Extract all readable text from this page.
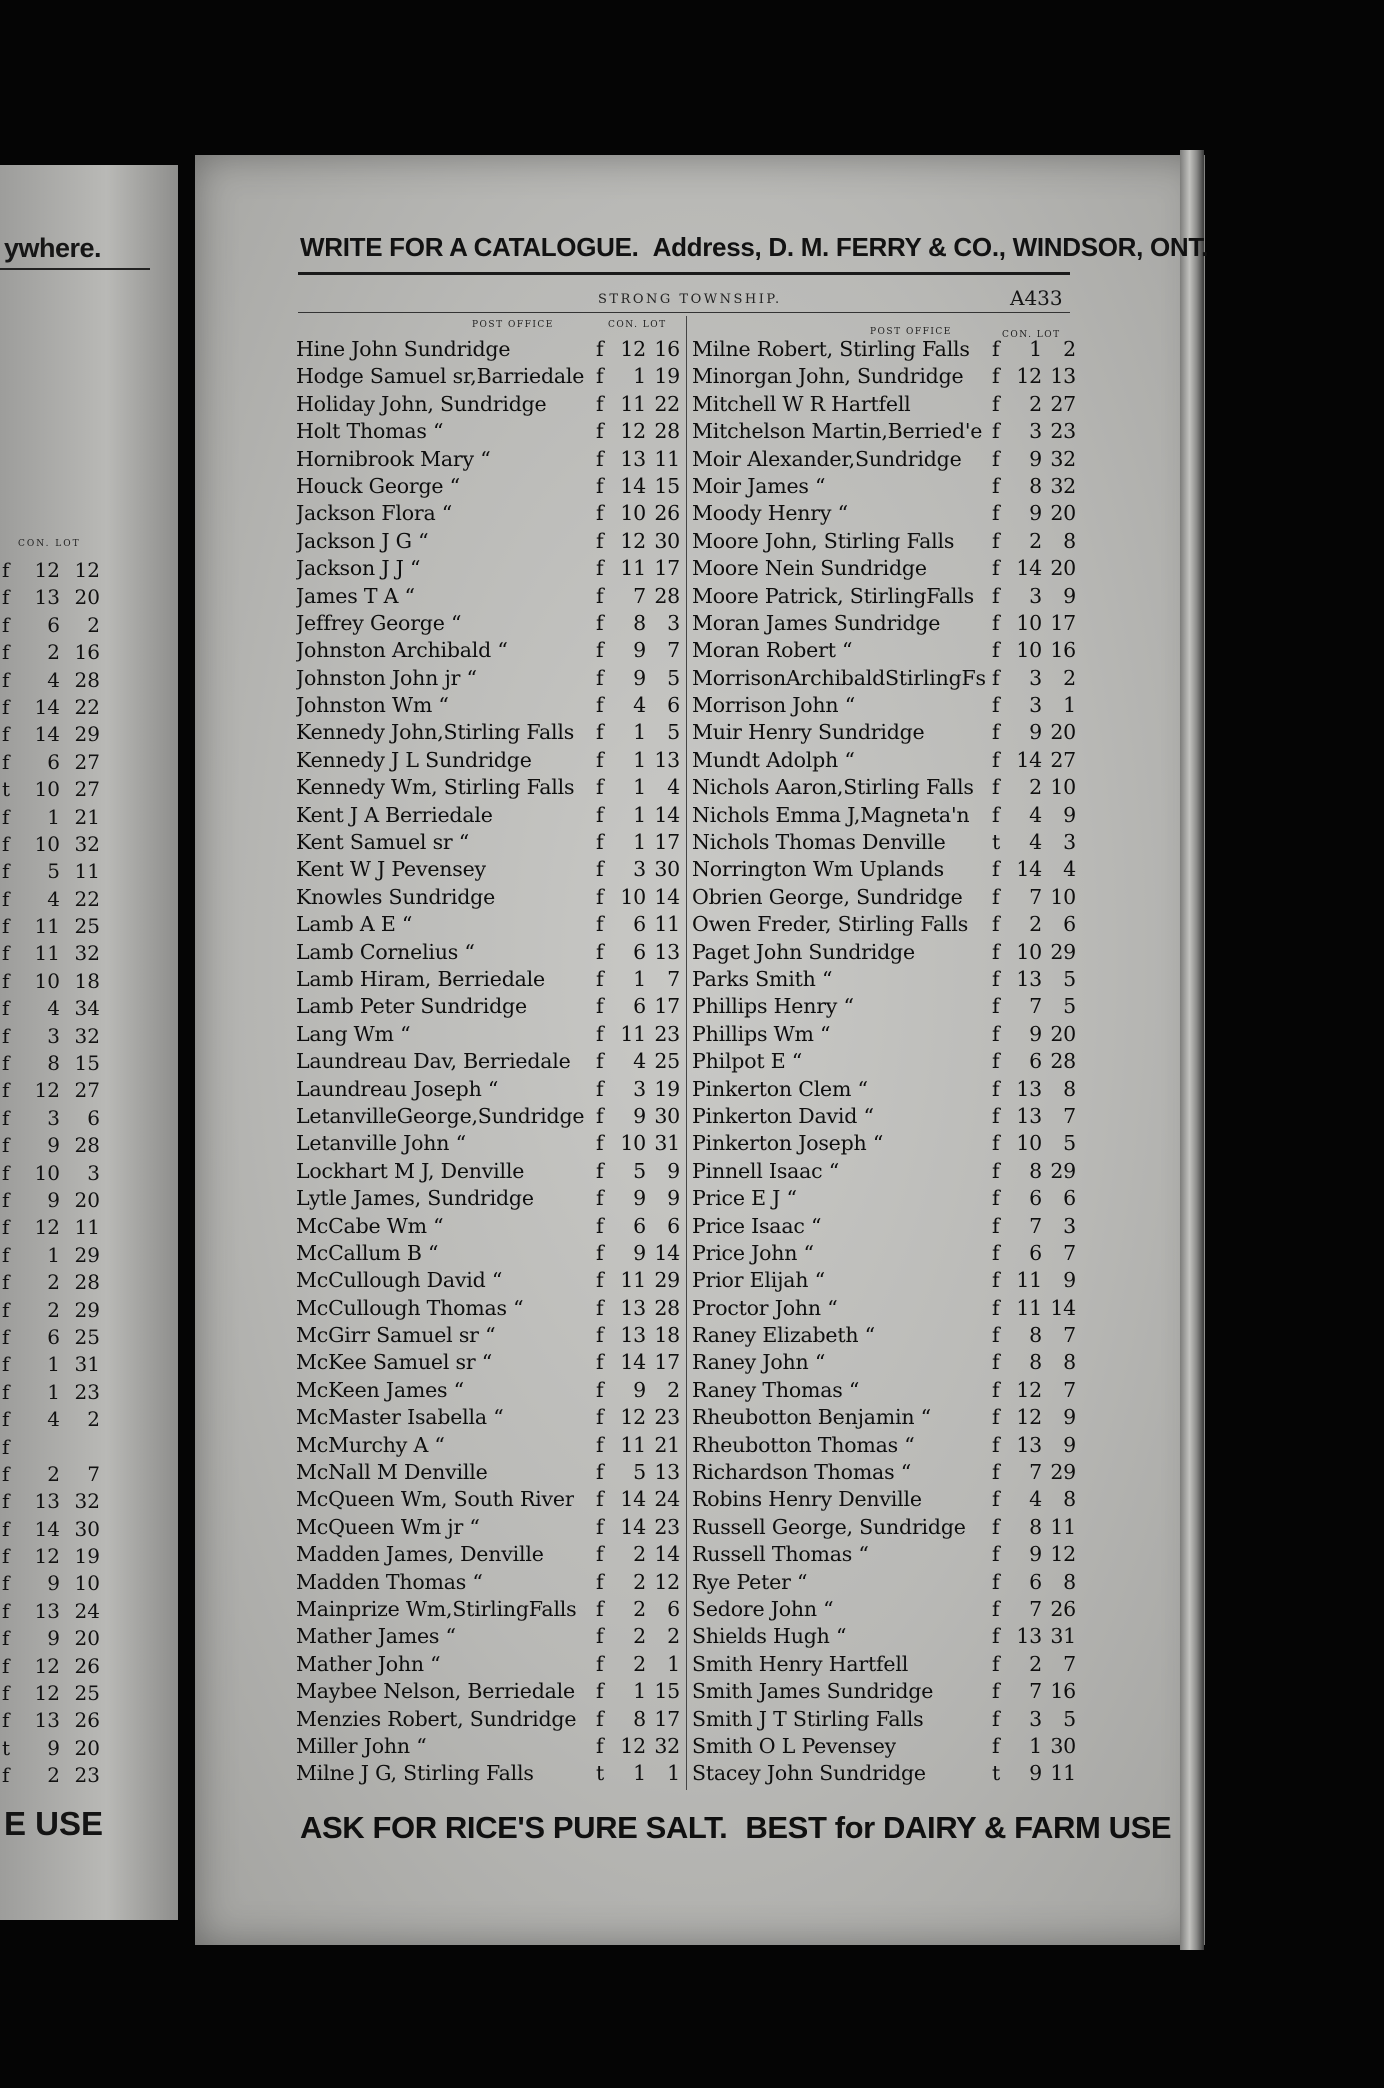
ywhere.
CON. LOT
f	12 12
f	13 20
f	6	2
f	2 16
f	4 28
f	14 22
f	14 29
f	6 27
t	10 27
f	1 21
f	10 32
f	5 11
f	4 22
f	11 25
f	11 32
f	10 18
f	4 34
f	3 32
f	8 15
f	12 27
f	3	6
f	9 28
f	10	3
f	9 20
f	12 11
f	1 29
f	2 28
f	2 29
f	6 25
f	1 31
f	1 23
f	4	2
f
f	2	7
f	13 32
f	14 30
f	12 19
f	9 10
f	13 24
f	9 20
f	12 26
f	12 25
f	13 26
t	9 20
f	2 23
E USE
WRITE FOR A CATALOGUE. Address, D. M. FERRY & CO., WINDSOR, ONT.
STRONG TOWNSHIP.	A433
POST OFFICE	CON. LOT
POST OFFICE	CON. LOT
Hine John Sundridge	f 12 16
Hodge Samuel sr,Barriedale f	1 19
Holiday John, Sundridge f 11 22
Holt Thomas “	f 12 28
Hornibrook Mary “	f 13 11
Houck George “	f 14 15
Jackson Flora “	f 10 26
Jackson J G “	f 12 30
Jackson J J “	f 11 17
James T A “	f	7 28
Jeffrey George “	f	8	3
Johnston Archibald “	f	9	7
Johnston John jr “	f	9	5
Johnston Wm “	f	4	6
Kennedy John,Stirling Falls f	1	5
Kennedy J L Sundridge	f	1 13
Kennedy Wm, Stirling Falls f	1	4
Kent J A Berriedale	f	1 14
Kent Samuel sr “	f	1 17
Kent W J Pevensey	f	3 30
Knowles Sundridge	f 10 14
Lamb A E “	f	6 11
Lamb Cornelius “	f	6 13
Lamb Hiram, Berriedale f	1	7
Lamb Peter Sundridge	f	6 17
Lang Wm “	f 11 23
Laundreau Dav, Berriedale f	4 25
Laundreau Joseph “	f	3 19
LetanvilleGeorge,Sundridge f	9 30
Letanville John “	f 10 31
Lockhart M J, Denville	f	5	9
Lytle James, Sundridge	f	9	9
McCabe Wm “	f	6	6
McCallum B “	f	9 14
McCullough David “	f 11 29
McCullough Thomas “	f 13 28
McGirr Samuel sr “	f 13 18
McKee Samuel sr “	f 14 17
McKeen James “	f	9	2
McMaster Isabella “	f 12 23
McMurchy A “	f 11 21
McNall M Denville	f	5 13
McQueen Wm, South River f 14 24
McQueen Wm jr “	f 14 23
Madden James, Denville	f	2 14
Madden Thomas “	f	2 12
Mainprize Wm,StirlingFalls f	2	6
Mather James “	f	2	2
Mather John “	f	2	1
Maybee Nelson, Berriedale f	1 15
Menzies Robert, Sundridge f	8 17
Miller John “	f 12 32
Milne J G, Stirling Falls	t	1	1
Milne Robert, Stirling Falls f	1	2
Minorgan John, Sundridge f 12 13
Mitchell W R Hartfell	f	2 27
Mitchelson Martin,Berried'e f	3 23
Moir Alexander,Sundridge f	9 32
Moir James “	f	8 32
Moody Henry “	f	9 20
Moore John, Stirling Falls f	2	8
Moore Nein Sundridge	f 14 20
Moore Patrick, StirlingFalls f	3	9
Moran James Sundridge	f 10 17
Moran Robert “	f 10 16
MorrisonArchibaldStirlingFs f	3	2
Morrison John “	f	3	1
Muir Henry Sundridge	f	9 20
Mundt Adolph “	f 14 27
Nichols Aaron,Stirling Falls f	2 10
Nichols Emma J,Magneta'n f	4	9
Nichols Thomas Denville t	4	3
Norrington Wm Uplands f 14	4
Obrien George, Sundridge f	7 10
Owen Freder, Stirling Falls f	2	6
Paget John Sundridge	f 10 29
Parks Smith “	f 13	5
Phillips Henry “	f	7	5
Phillips Wm “	f	9 20
Philpot E “	f	6 28
Pinkerton Clem “	f 13	8
Pinkerton David “	f 13	7
Pinkerton Joseph “	f 10	5
Pinnell Isaac “	f	8 29
Price E J “	f	6	6
Price Isaac “	f	7	3
Price John “	f	6	7
Prior Elijah “	f 11	9
Proctor John “	f 11 14
Raney Elizabeth “	f	8	7
Raney John “	f	8	8
Raney Thomas “	f 12	7
Rheubotton Benjamin “	f 12	9
Rheubotton Thomas “	f 13	9
Richardson Thomas “	f	7 29
Robins Henry Denville	f	4	8
Russell George, Sundridge f	8 11
Russell Thomas “	f	9 12
Rye Peter “	f	6	8
Sedore John “	f	7 26
Shields Hugh “	f 13 31
Smith Henry Hartfell	f	2	7
Smith James Sundridge	f	7 16
Smith J T Stirling Falls	f	3	5
Smith O L Pevensey	f	1 30
Stacey John Sundridge	t	9 11
ASK FOR RICE'S PURE SALT. BEST for DAIRY & FARM USE
